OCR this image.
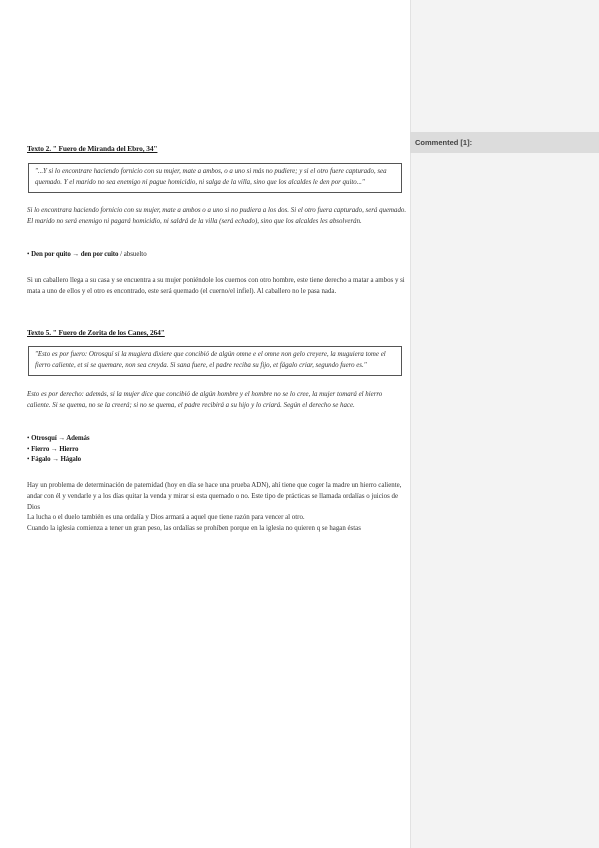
Commented [1]:
Texto 2. " Fuero de Miranda del Ebro, 34"
"...Y si lo encontrare haciendo fornicio con su mujer, mate a ambos, o a uno si más no pudiere; y si el otro fuere capturado, sea quemado. Y el marido no sea enemigo ni pague homicidio, ni salga de la villa, sino que los alcaldes le den por quito..."
Si lo encontrara haciendo fornicio con su mujer, mate a ambos o a uno si no pudiera a los dos. Si el otro fuera capturado, será quemado. El marido no será enemigo ni pagará homicidio, ni saldrá de la villa (será echado), sino que los alcaldes les absolverán.
• Den por quito → den por cuito / absuelto
Si un caballero llega a su casa y se encuentra a su mujer poniéndole los cuernos con otro hombre, este tiene derecho a matar a ambos y si mata a uno de ellos y el otro es encontrado, este será quemado (el cuerno/el infiel). Al caballero no le pasa nada.
Texto 5. " Fuero de Zorita de los Canes, 264"
"Esto es por fuero: Otrosquí si la mugiera dixiere que concibió de algún omne e el omne non gelo creyere, la muguiera tome el fierro caliente, et si se quemare, non sea creyda. Si sana fuere, el padre reciba su fijo, et fágalo criar, segundo fuero es."
Esto es por derecho: además, si la mujer dice que concibió de algún hombre y el hombre no se lo cree, la mujer tomará el hierro caliente. Si se quema, no se la creerá; si no se quema, el padre recibirá a su hijo y lo criará. Según el derecho se hace.
• Otrosquí → Además
• Fierro → Hierro
• Fágalo → Hágalo
Hay un problema de determinación de paternidad (hoy en día se hace una prueba ADN), ahí tiene que coger la madre un hierro caliente, andar con él y vendarle y a los días quitar la venda y mirar si esta quemado o no. Este tipo de prácticas se llamada ordalías o juicios de Dios
La lucha o el duelo también es una ordalía y Dios armará a aquel que tiene razón para vencer al otro.
Cuando la iglesia comienza a tener un gran peso, las ordalías se prohíben porque en la iglesia no quieren q se hagan éstas
